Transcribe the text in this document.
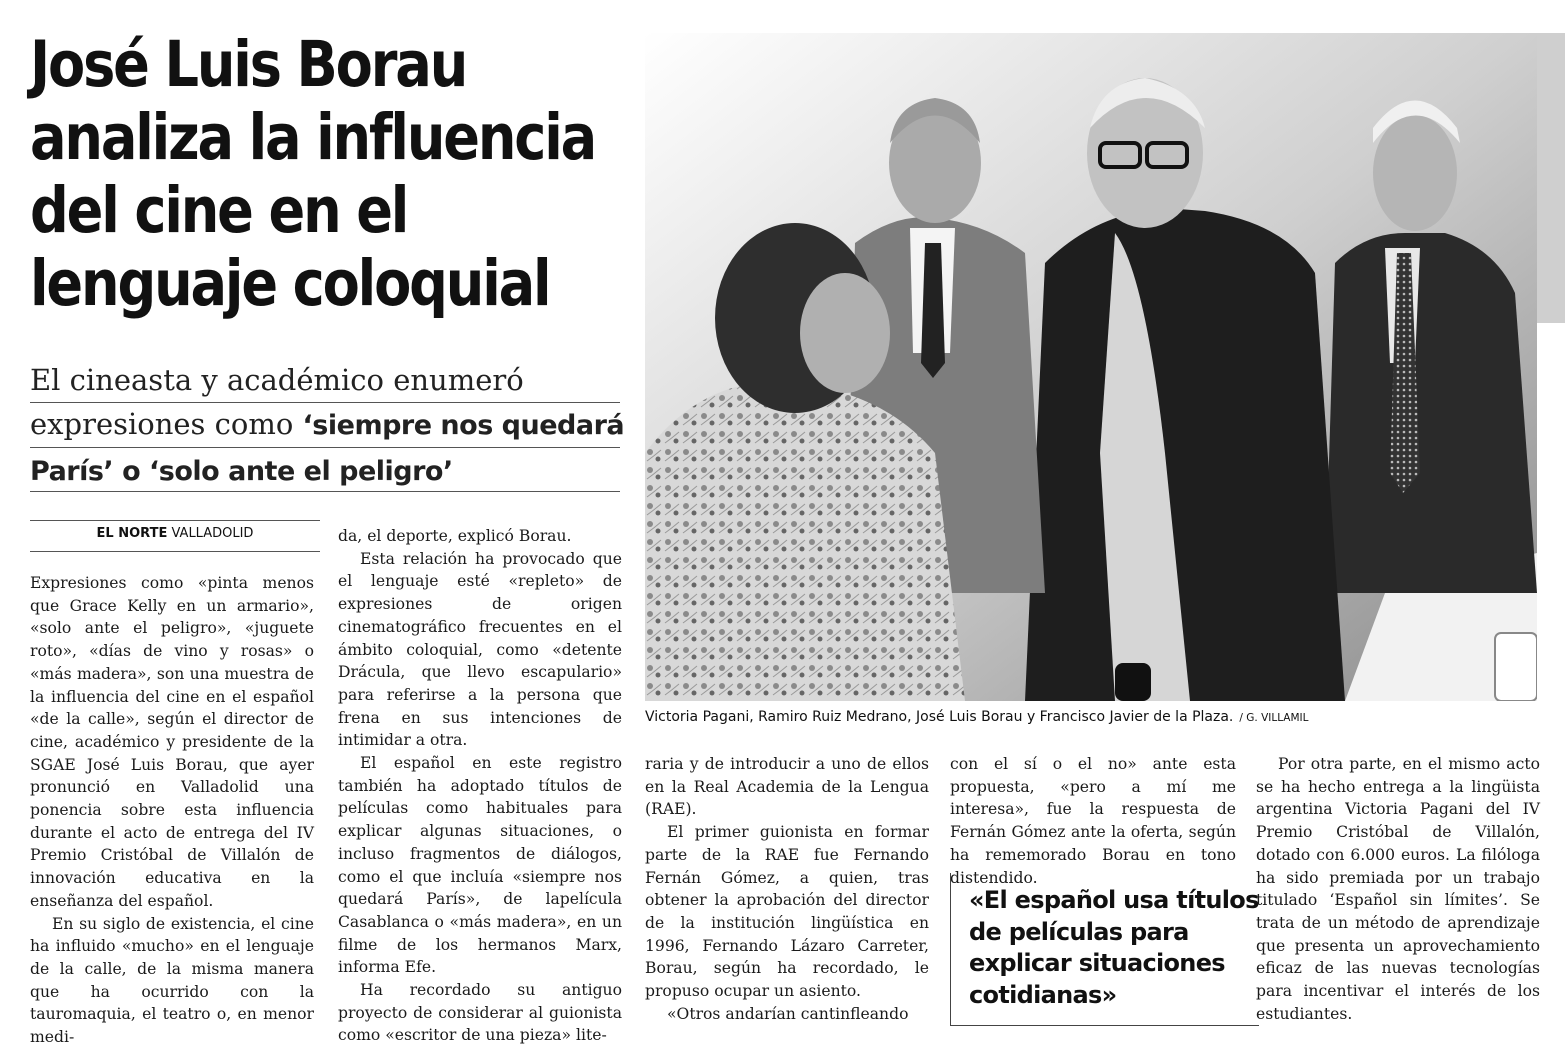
José Luis Borau
analiza la influencia
del cine en el
lenguaje coloquial
El cineasta y académico enumeró
expresiones como ‘siempre nos quedará
París’ o ‘solo ante el peligro’
EL NORTE VALLADOLID

Expresiones como «pinta menos que Grace Kelly en un armario», «solo ante el peligro», «juguete roto», «días de vino y rosas» o «más madera», son una muestra de la influencia del cine en el español «de la calle», según el director de cine, académico y presidente de la SGAE José Luis Borau, que ayer pronunció en Valladolid una ponencia sobre esta influencia durante el acto de entrega del IV Premio Cristóbal de Villalón de innovación educativa en la enseñanza del español.

En su siglo de existencia, el cine ha influido «mucho» en el lenguaje de la calle, de la misma manera que ha ocurrido con la tauromaquia, el teatro o, en menor medi-

da, el deporte, explicó Borau.

Esta relación ha provocado que el lenguaje esté «repleto» de expresiones de origen cinematográfico frecuentes en el ámbito coloquial, como «detente Drácula, que llevo escapulario» para referirse a la persona que frena en sus intenciones de intimidar a otra.

El español en este registro también ha adoptado títulos de películas como habituales para explicar algunas situaciones, o incluso fragmentos de diálogos, como el que incluía «siempre nos quedará París», de lapelícula Casablanca o «más madera», en un filme de los hermanos Marx, informa Efe.

Ha recordado su antiguo proyecto de considerar al guionista como «escritor de una pieza» lite-

Victoria Pagani, Ramiro Ruiz Medrano, José Luis Borau y Francisco Javier de la Plaza. / G. VILLAMIL

raria y de introducir a uno de ellos en la Real Academia de la Lengua (RAE).

El primer guionista en formar parte de la RAE fue Fernando Fernán Gómez, a quien, tras obtener la aprobación del director de la institución lingüística en 1996, Fernando Lázaro Carreter, Borau, según ha recordado, le propuso ocupar un asiento.

«Otros andarían cantinfleando

con el sí o el no» ante esta propuesta, «pero a mí me interesa», fue la respuesta de Fernán Gómez ante la oferta, según ha rememorado Borau en tono distendido.

«El español usa títulos de películas para explicar situaciones cotidianas»

Por otra parte, en el mismo acto se ha hecho entrega a la lingüista argentina Victoria Pagani del IV Premio Cristóbal de Villalón, dotado con 6.000 euros. La filóloga ha sido premiada por un trabajo titulado ‘Español sin límites’. Se trata de un método de aprendizaje que presenta un aprovechamiento eficaz de las nuevas tecnologías para incentivar el interés de los estudiantes.
